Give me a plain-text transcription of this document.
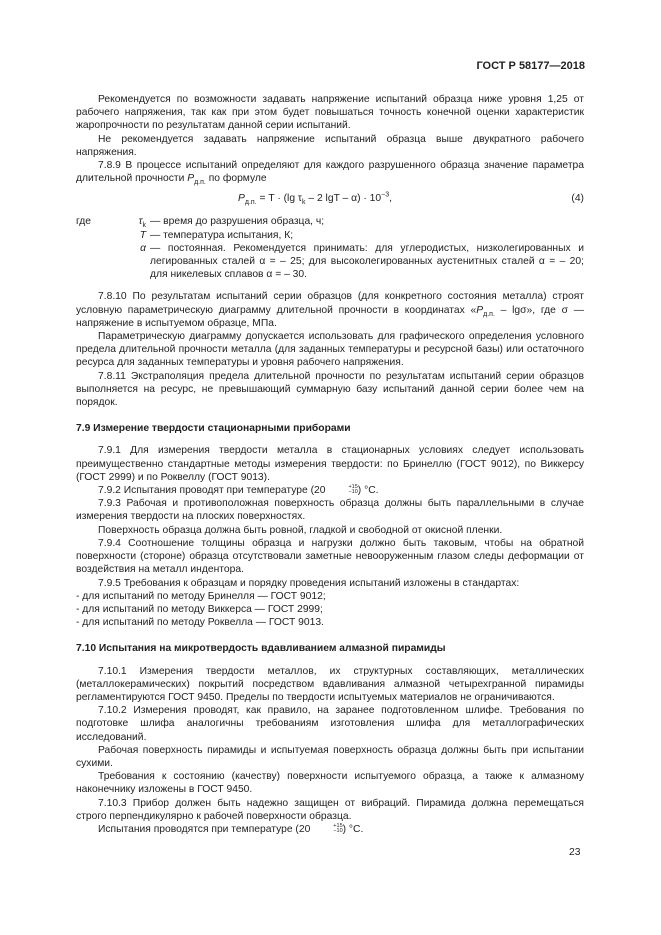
ГОСТ Р 58177—2018

Рекомендуется по возможности задавать напряжение испытаний образца ниже уровня 1,25 от рабочего напряжения, так как при этом будет повышаться точность конечной оценки характеристик жаропрочности по результатам данной серии испытаний.

Не рекомендуется задавать напряжение испытаний образца выше двукратного рабочего напряжения.

7.8.9 В процессе испытаний определяют для каждого разрушенного образца значение параметра длительной прочности $P_{д.п.}$ по формуле

$P_{д.п.} = T \cdot (\lg$ $\tau_k - 2$ $\lg T - \alpha) \cdot 10^{-3}$,	(4)
где	$\tau_k$ — время до разрушения образца, ч;
T — температура испытания, К;
α — постоянная. Рекомендуется принимать: для углеродистых, низколегированных и легированных сталей α = – 25; для высоколегированных аустенитных сталей α = – 20; для никелевых сплавов α = – 30.

7.8.10 По результатам испытаний серии образцов (для конкретного состояния металла) строят условную параметрическую диаграмму длительной прочности в координатах «$P_{д.п.}$ – lgσ», где σ — напряжение в испытуемом образце, МПа.

Параметрическую диаграмму допускается использовать для графического определения условного предела длительной прочности металла (для заданных температуры и ресурсной базы) или остаточного ресурса для заданных температуры и уровня рабочего напряжения.

7.8.11 Экстраполяция предела длительной прочности по результатам испытаний серии образцов выполняется на ресурс, не превышающий суммарную базу испытаний данной серии более чем на порядок.

7.9 Измерение твердости стационарными приборами

7.9.1 Для измерения твердости металла в стационарных условиях следует использовать преимущественно стандартные методы измерения твердости: по Бринеллю (ГОСТ 9012), по Виккерсу (ГОСТ 2999) и по Роквеллу (ГОСТ 9013).

7.9.2 Испытания проводят при температуре (20	+15
−10 ) °С.

7.9.3 Рабочая и противоположная поверхность образца должны быть параллельными в случае измерения твердости на плоских поверхностях.

Поверхность образца должна быть ровной, гладкой и свободной от окисной пленки.

7.9.4 Соотношение толщины образца и нагрузки должно быть таковым, чтобы на обратной поверхности (стороне) образца отсутствовали заметные невооруженным глазом следы деформации от воздействия на металл индентора.

7.9.5 Требования к образцам и порядку проведения испытаний изложены в стандартах:

- для испытаний по методу Бринелля — ГОСТ 9012;

- для испытаний по методу Виккерса — ГОСТ 2999;

- для испытаний по методу Роквелла — ГОСТ 9013.

7.10 Испытания на микротвердость вдавливанием алмазной пирамиды

7.10.1 Измерения твердости металлов, их структурных составляющих, металлических (металлокерамических) покрытий посредством вдавливания алмазной четырехгранной пирамиды регламентируются ГОСТ 9450. Пределы по твердости испытуемых материалов не ограничиваются.

7.10.2 Измерения проводят, как правило, на заранее подготовленном шлифе. Требования по подготовке шлифа аналогичны требованиям изготовления шлифа для металлографических исследований.

Рабочая поверхность пирамиды и испытуемая поверхность образца должны быть при испытании сухими.

Требования к состоянию (качеству) поверхности испытуемого образца, а также к алмазному наконечнику изложены в ГОСТ 9450.

7.10.3 Прибор должен быть надежно защищен от вибраций. Пирамида должна перемещаться строго перпендикулярно к рабочей поверхности образца.

Испытания проводятся при температуре (20	+15
−10 ) °С.

23
